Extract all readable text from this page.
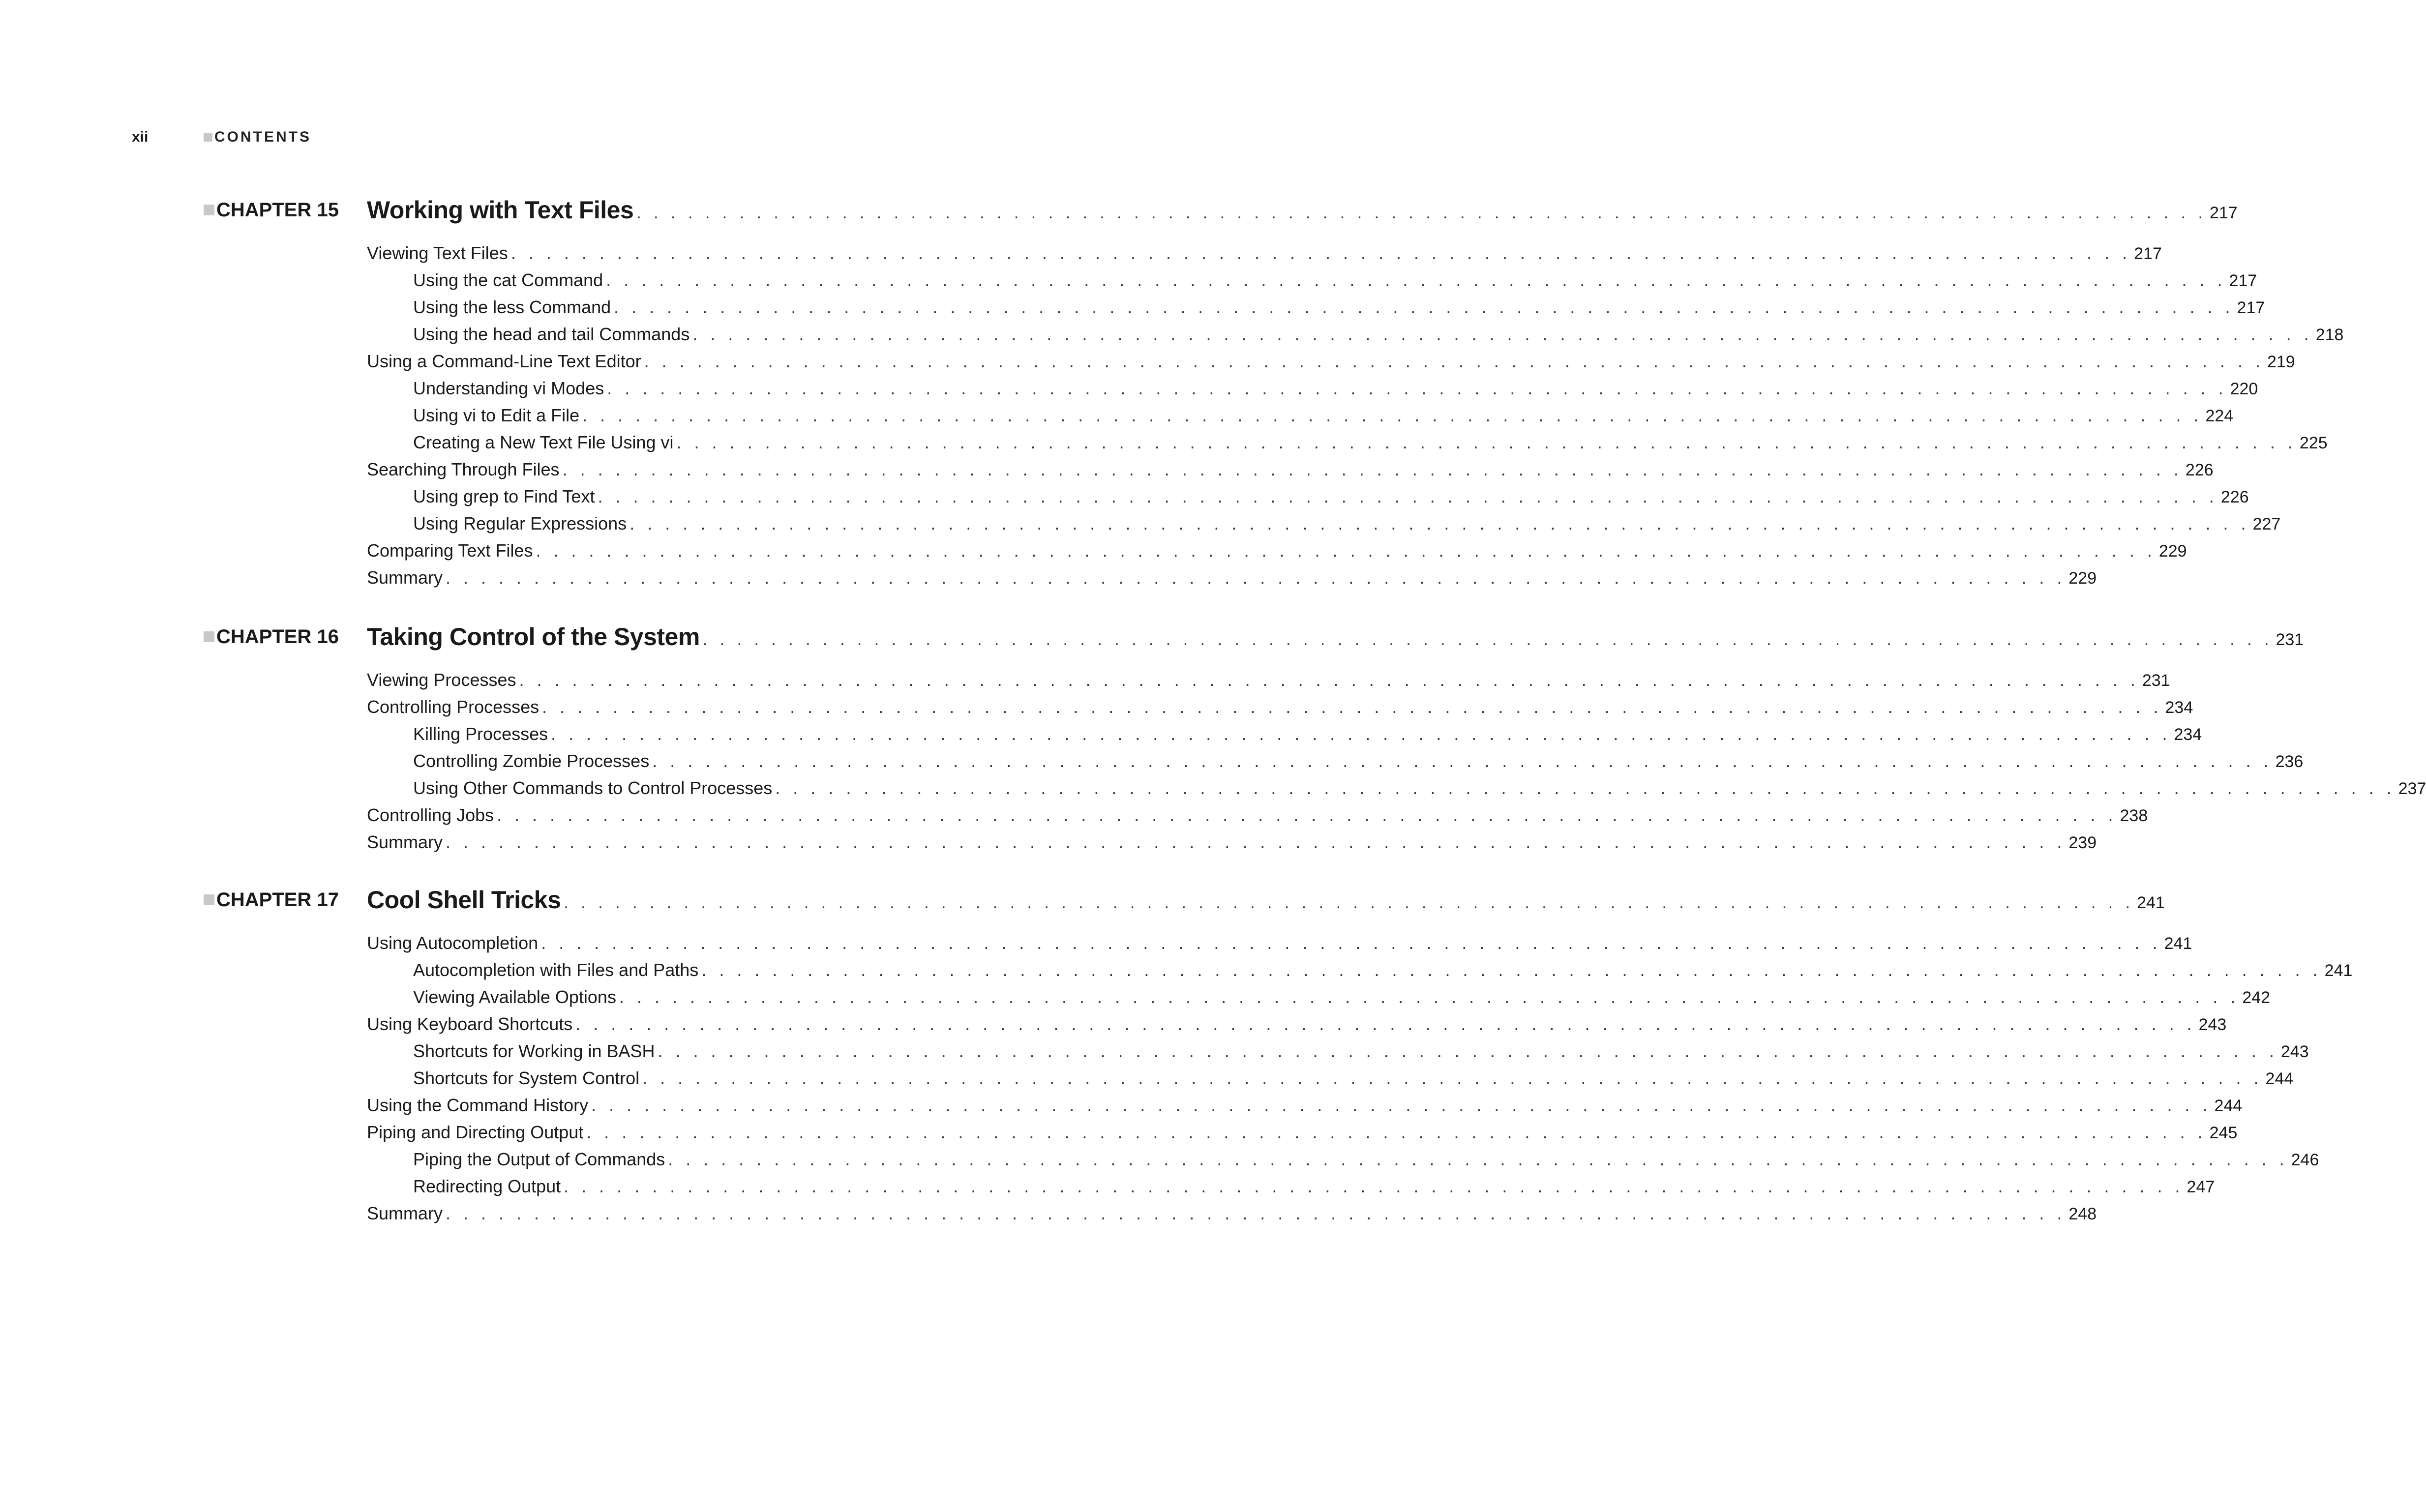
xii	CONTENTS
CHAPTER 15 Working with Text Files . . . . . . . . . . . . . . . . . . . . . . . . . . . . . . . . . . . . . . . . . . . . . . . . . . . . . . . . . . . . . . . . . . . . . . . . . . . . . . . . . . . . . . . . . . . . 217
Viewing Text Files . . . . . . . . . . . . . . . . . . . . . . . . . . . . . . . . . . . . . . . . . . . . . . . . . . . . . . . . . . . . . . . . . . . . . . . . . . . . . . . . . . . . . . . . . . . . 217
Using the cat Command . . . . . . . . . . . . . . . . . . . . . . . . . . . . . . . . . . . . . . . . . . . . . . . . . . . . . . . . . . . . . . . . . . . . . . . . . . . . . . . . . . . . . . . . . . . . 217
Using the less Command . . . . . . . . . . . . . . . . . . . . . . . . . . . . . . . . . . . . . . . . . . . . . . . . . . . . . . . . . . . . . . . . . . . . . . . . . . . . . . . . . . . . . . . . . . . . 217
Using the head and tail Commands . . . . . . . . . . . . . . . . . . . . . . . . . . . . . . . . . . . . . . . . . . . . . . . . . . . . . . . . . . . . . . . . . . . . . . . . . . . . . . . . . . . . . . . . . . . . 218
Using a Command-Line Text Editor . . . . . . . . . . . . . . . . . . . . . . . . . . . . . . . . . . . . . . . . . . . . . . . . . . . . . . . . . . . . . . . . . . . . . . . . . . . . . . . . . . . . . . . . . . . . 219
Understanding vi Modes . . . . . . . . . . . . . . . . . . . . . . . . . . . . . . . . . . . . . . . . . . . . . . . . . . . . . . . . . . . . . . . . . . . . . . . . . . . . . . . . . . . . . . . . . . . . 220
Using vi to Edit a File . . . . . . . . . . . . . . . . . . . . . . . . . . . . . . . . . . . . . . . . . . . . . . . . . . . . . . . . . . . . . . . . . . . . . . . . . . . . . . . . . . . . . . . . . . . . 224
Creating a New Text File Using vi . . . . . . . . . . . . . . . . . . . . . . . . . . . . . . . . . . . . . . . . . . . . . . . . . . . . . . . . . . . . . . . . . . . . . . . . . . . . . . . . . . . . . . . . . . . . 225
Searching Through Files . . . . . . . . . . . . . . . . . . . . . . . . . . . . . . . . . . . . . . . . . . . . . . . . . . . . . . . . . . . . . . . . . . . . . . . . . . . . . . . . . . . . . . . . . . . . 226
Using grep to Find Text . . . . . . . . . . . . . . . . . . . . . . . . . . . . . . . . . . . . . . . . . . . . . . . . . . . . . . . . . . . . . . . . . . . . . . . . . . . . . . . . . . . . . . . . . . . . 226
Using Regular Expressions . . . . . . . . . . . . . . . . . . . . . . . . . . . . . . . . . . . . . . . . . . . . . . . . . . . . . . . . . . . . . . . . . . . . . . . . . . . . . . . . . . . . . . . . . . . . 227
Comparing Text Files . . . . . . . . . . . . . . . . . . . . . . . . . . . . . . . . . . . . . . . . . . . . . . . . . . . . . . . . . . . . . . . . . . . . . . . . . . . . . . . . . . . . . . . . . . . . 229
Summary . . . . . . . . . . . . . . . . . . . . . . . . . . . . . . . . . . . . . . . . . . . . . . . . . . . . . . . . . . . . . . . . . . . . . . . . . . . . . . . . . . . . . . . . . . . . 229
CHAPTER 16 Taking Control of the System . . . . . . . . . . . . . . . . . . . . . . . . . . . . . . . . . . . . . . . . . . . . . . . . . . . . . . . . . . . . . . . . . . . . . . . . . . . . . . . . . . . . . . . . . . . . 231
Viewing Processes . . . . . . . . . . . . . . . . . . . . . . . . . . . . . . . . . . . . . . . . . . . . . . . . . . . . . . . . . . . . . . . . . . . . . . . . . . . . . . . . . . . . . . . . . . . . 231
Controlling Processes . . . . . . . . . . . . . . . . . . . . . . . . . . . . . . . . . . . . . . . . . . . . . . . . . . . . . . . . . . . . . . . . . . . . . . . . . . . . . . . . . . . . . . . . . . . . 234
Killing Processes . . . . . . . . . . . . . . . . . . . . . . . . . . . . . . . . . . . . . . . . . . . . . . . . . . . . . . . . . . . . . . . . . . . . . . . . . . . . . . . . . . . . . . . . . . . . 234
Controlling Zombie Processes . . . . . . . . . . . . . . . . . . . . . . . . . . . . . . . . . . . . . . . . . . . . . . . . . . . . . . . . . . . . . . . . . . . . . . . . . . . . . . . . . . . . . . . . . . . . 236
Using Other Commands to Control Processes . . . . . . . . . . . . . . . . . . . . . . . . . . . . . . . . . . . . . . . . . . . . . . . . . . . . . . . . . . . . . . . . . . . . . . . . . . . . . . . . . . . . . . . . . . . . 237
Controlling Jobs . . . . . . . . . . . . . . . . . . . . . . . . . . . . . . . . . . . . . . . . . . . . . . . . . . . . . . . . . . . . . . . . . . . . . . . . . . . . . . . . . . . . . . . . . . . . 238
Summary . . . . . . . . . . . . . . . . . . . . . . . . . . . . . . . . . . . . . . . . . . . . . . . . . . . . . . . . . . . . . . . . . . . . . . . . . . . . . . . . . . . . . . . . . . . . 239
CHAPTER 17 Cool Shell Tricks . . . . . . . . . . . . . . . . . . . . . . . . . . . . . . . . . . . . . . . . . . . . . . . . . . . . . . . . . . . . . . . . . . . . . . . . . . . . . . . . . . . . . . . . . . . . 241
Using Autocompletion . . . . . . . . . . . . . . . . . . . . . . . . . . . . . . . . . . . . . . . . . . . . . . . . . . . . . . . . . . . . . . . . . . . . . . . . . . . . . . . . . . . . . . . . . . . . 241
Autocompletion with Files and Paths . . . . . . . . . . . . . . . . . . . . . . . . . . . . . . . . . . . . . . . . . . . . . . . . . . . . . . . . . . . . . . . . . . . . . . . . . . . . . . . . . . . . . . . . . . . . 241
Viewing Available Options . . . . . . . . . . . . . . . . . . . . . . . . . . . . . . . . . . . . . . . . . . . . . . . . . . . . . . . . . . . . . . . . . . . . . . . . . . . . . . . . . . . . . . . . . . . . 242
Using Keyboard Shortcuts . . . . . . . . . . . . . . . . . . . . . . . . . . . . . . . . . . . . . . . . . . . . . . . . . . . . . . . . . . . . . . . . . . . . . . . . . . . . . . . . . . . . . . . . . . . . 243
Shortcuts for Working in BASH . . . . . . . . . . . . . . . . . . . . . . . . . . . . . . . . . . . . . . . . . . . . . . . . . . . . . . . . . . . . . . . . . . . . . . . . . . . . . . . . . . . . . . . . . . . . 243
Shortcuts for System Control . . . . . . . . . . . . . . . . . . . . . . . . . . . . . . . . . . . . . . . . . . . . . . . . . . . . . . . . . . . . . . . . . . . . . . . . . . . . . . . . . . . . . . . . . . . . 244
Using the Command History . . . . . . . . . . . . . . . . . . . . . . . . . . . . . . . . . . . . . . . . . . . . . . . . . . . . . . . . . . . . . . . . . . . . . . . . . . . . . . . . . . . . . . . . . . . . 244
Piping and Directing Output . . . . . . . . . . . . . . . . . . . . . . . . . . . . . . . . . . . . . . . . . . . . . . . . . . . . . . . . . . . . . . . . . . . . . . . . . . . . . . . . . . . . . . . . . . . . 245
Piping the Output of Commands . . . . . . . . . . . . . . . . . . . . . . . . . . . . . . . . . . . . . . . . . . . . . . . . . . . . . . . . . . . . . . . . . . . . . . . . . . . . . . . . . . . . . . . . . . . . 246
Redirecting Output . . . . . . . . . . . . . . . . . . . . . . . . . . . . . . . . . . . . . . . . . . . . . . . . . . . . . . . . . . . . . . . . . . . . . . . . . . . . . . . . . . . . . . . . . . . . 247
Summary . . . . . . . . . . . . . . . . . . . . . . . . . . . . . . . . . . . . . . . . . . . . . . . . . . . . . . . . . . . . . . . . . . . . . . . . . . . . . . . . . . . . . . . . . . . . 248
